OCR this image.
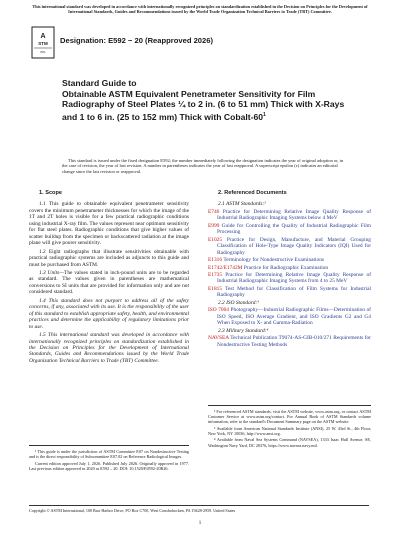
This international standard was developed in accordance with internationally recognized principles on standardization established in the Decision on Principles for the Development of International Standards, Guides and Recommendations issued by the World Trade Organization Technical Barriers to Trade (TBT) Committee.
A
STM
INTL
Designation: E592 − 20 (Reapproved 2026)

Standard Guide to

Obtainable ASTM Equivalent Penetrameter Sensitivity for Film Radiography of Steel Plates ¼ to 2 in. (6 to 51 mm) Thick with X-Rays and 1 to 6 in. (25 to 152 mm) Thick with Cobalt-$60^1$

This standard is issued under the fixed designation E592; the number immediately following the designation indicates the year of original adoption or, in the case of revision, the year of last revision. A number in parentheses indicates the year of last reapproval. A superscript epsilon (ε) indicates an editorial change since the last revision or reapproval.
1. Scope

1.1 This guide to obtainable equivalent penetrameter sensitivity covers the minimum penetrameter thicknesses for which the image of the 1T and 2T holes is visible for a few practical radiographic conditions using industrial X-ray film. The values represent near optimum sensitivity for flat steel plates. Radiographic conditions that give higher values of scatter buildup from the specimen or backscattered radiation at the image plane will give poorer sensitivity.

1.2 Eight radiographs that illustrate sensitivities obtainable with practical radiographic systems are included as adjuncts to this guide and must be purchased from ASTM.

1.3 Units—The values stated in inch-pound units are to be regarded as standard. The values given in parentheses are mathematical conversions to SI units that are provided for information only and are not considered standard.

1.4 This standard does not purport to address all of the safety concerns, if any, associated with its use. It is the responsibility of the user of this standard to establish appropriate safety, health, and environmental practices and determine the applicability of regulatory limitations prior to use.

1.5 This international standard was developed in accordance with internationally recognized principles on standardization established in the Decision on Principles for the Development of International Standards, Guides and Recommendations issued by the World Trade Organization Technical Barriers to Trade (TBT) Committee.

2. Referenced Documents

2.1 ASTM Standards:²

E746 Practice for Determining Relative Image Quality Response of Industrial Radiographic Imaging Systems below 4 MeV

E999 Guide for Controlling the Quality of Industrial Radiographic Film Processing

E1025 Practice for Design, Manufacture, and Material Grouping Classification of Hole-Type Image Quality Indicators (IQI) Used for Radiography

E1316 Terminology for Nondestructive Examinations

E1742/E1742M Practice for Radiographic Examination

E1735 Practice for Determining Relative Image Quality Response of Industrial Radiographic Imaging Systems from 4 to 25 MeV

E1815 Test Method for Classification of Film Systems for Industrial Radiography

2.2 ISO Standard:³

ISO 7004 Photography—Industrial Radiographic Films—Determination of ISO Speed, ISO Average Gradient, and ISO Gradients G2 and G4 When Exposed to X- and Gamma-Radiation

2.3 Military Standard:⁴

NAVSEA Technical Publication T9074-AS-GIB-010/271 Requirements for Nondestructive Testing Methods

¹ This guide is under the jurisdiction of ASTM Committee E07 on Nondestructive Testing and is the direct responsibility of Subcommittee E07.02 on Reference Radiological Images.

Current edition approved July 1, 2026. Published July 2026. Originally approved in 1977. Last previous edition approved in 2020 as E592 – 20. DOI: 10.1520/E0592-20R26.

² For referenced ASTM standards, visit the ASTM website, www.astm.org, or contact ASTM Customer Service at www.astm.org/contact. For Annual Book of ASTM Standards volume information, refer to the standard's Document Summary page on the ASTM website.

³ Available from American National Standards Institute (ANSI), 25 W. 43rd St., 4th Floor, New York, NY 10036, http://www.ansi.org.

⁴ Available from Naval Sea Systems Command (NAVSEA), 1333 Isaac Hull Avenue, SE, Washington Navy Yard, DC 20376, https://www.navsea.navy.mil.

Copyright © ASTM International, 100 Barr Harbor Drive, PO Box C700, West Conshohocken, PA 19428-2959. United States
1
